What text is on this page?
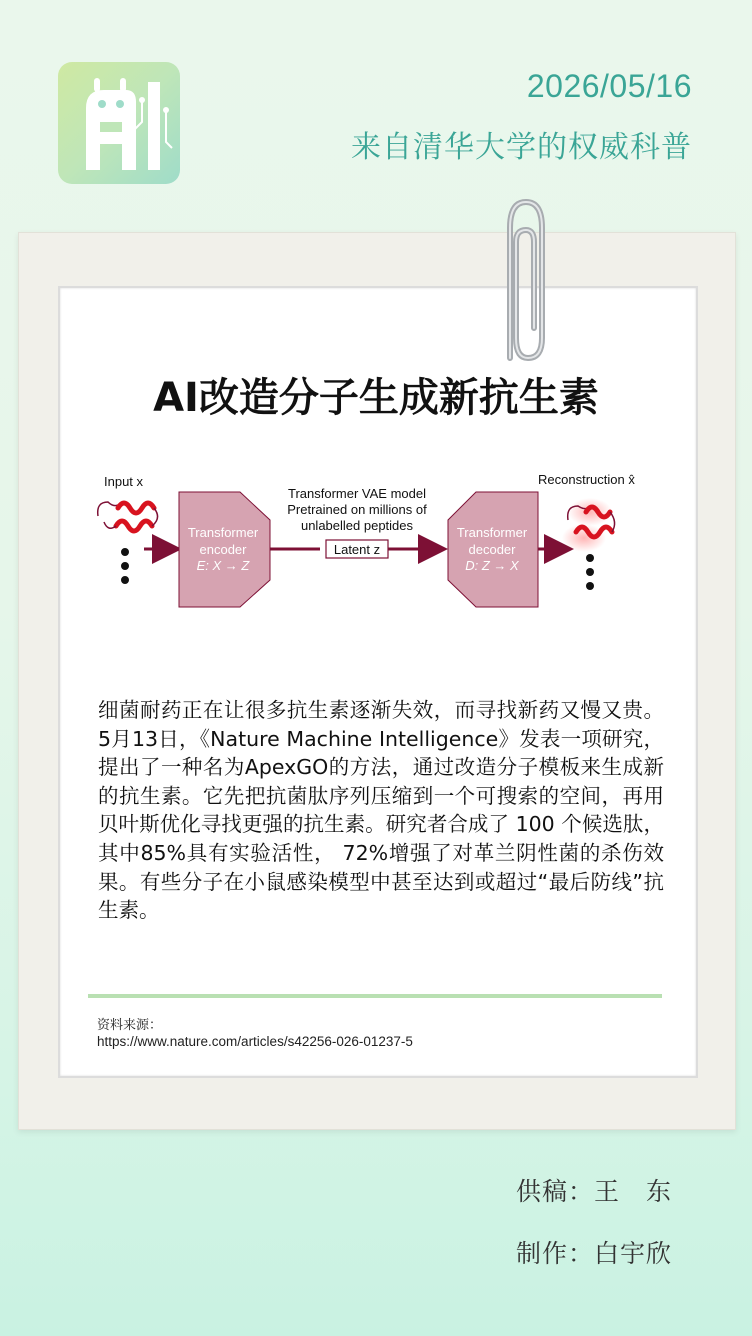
2026/05/16
来自清华大学的权威科普
AI改造分子生成新抗生素
Input x
Transformer
encoder
E: X → Z
Transformer VAE model
Pretrained on millions of
unlabelled peptides
Latent z
Transformer
decoder
D: Z → X
Reconstruction x̂
细菌耐药正在让很多抗生素逐渐失效，而寻找新药又慢又贵。5月13日，《Nature Machine Intelligence》发表一项研究，提出了一种名为ApexGO的方法，通过改造分子模板来生成新的抗生素。它先把抗菌肽序列压缩到一个可搜索的空间，再用贝叶斯优化寻找更强的抗生素。研究者合成了 100 个候选肽，其中85%具有实验活性， 72%增强了对革兰阴性菌的杀伤效果。有些分子在小鼠感染模型中甚至达到或超过“最后防线”抗生素。
资料来源：
https://www.nature.com/articles/s42256-026-01237-5
供稿：王　东
制作：白宇欣
